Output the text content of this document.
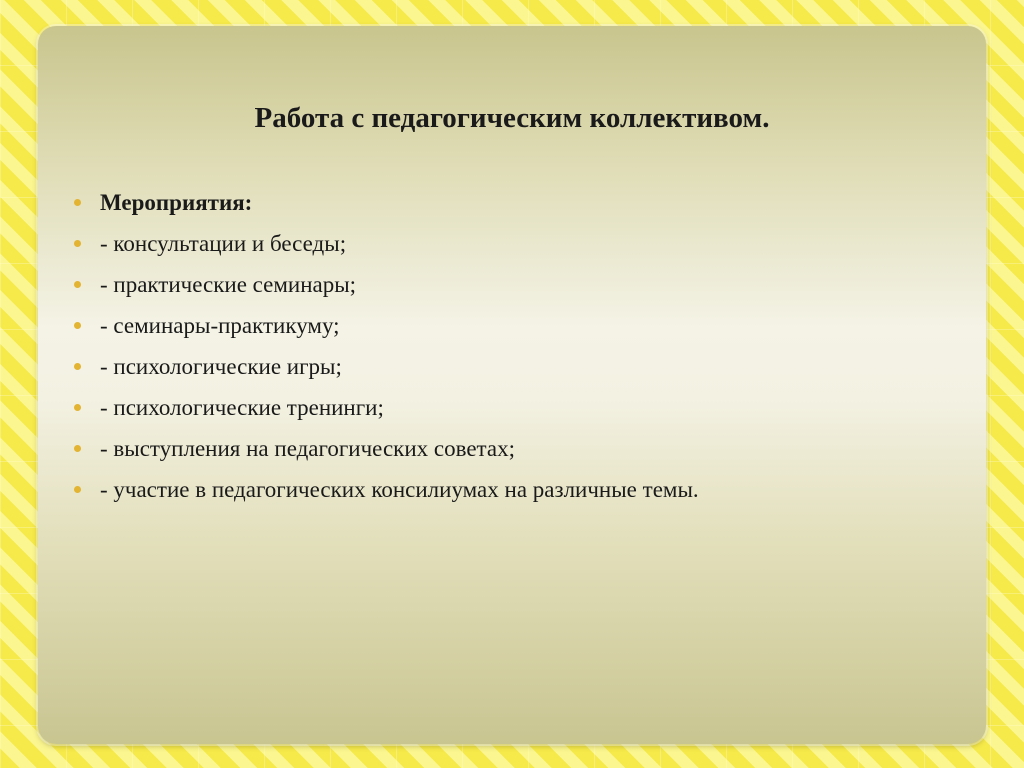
Работа с педагогическим коллективом.
Мероприятия:
- консультации и беседы;
- практические семинары;
- семинары-практикуму;
- психологические игры;
- психологические тренинги;
- выступления на педагогических советах;
- участие в педагогических консилиумах на различные темы.
